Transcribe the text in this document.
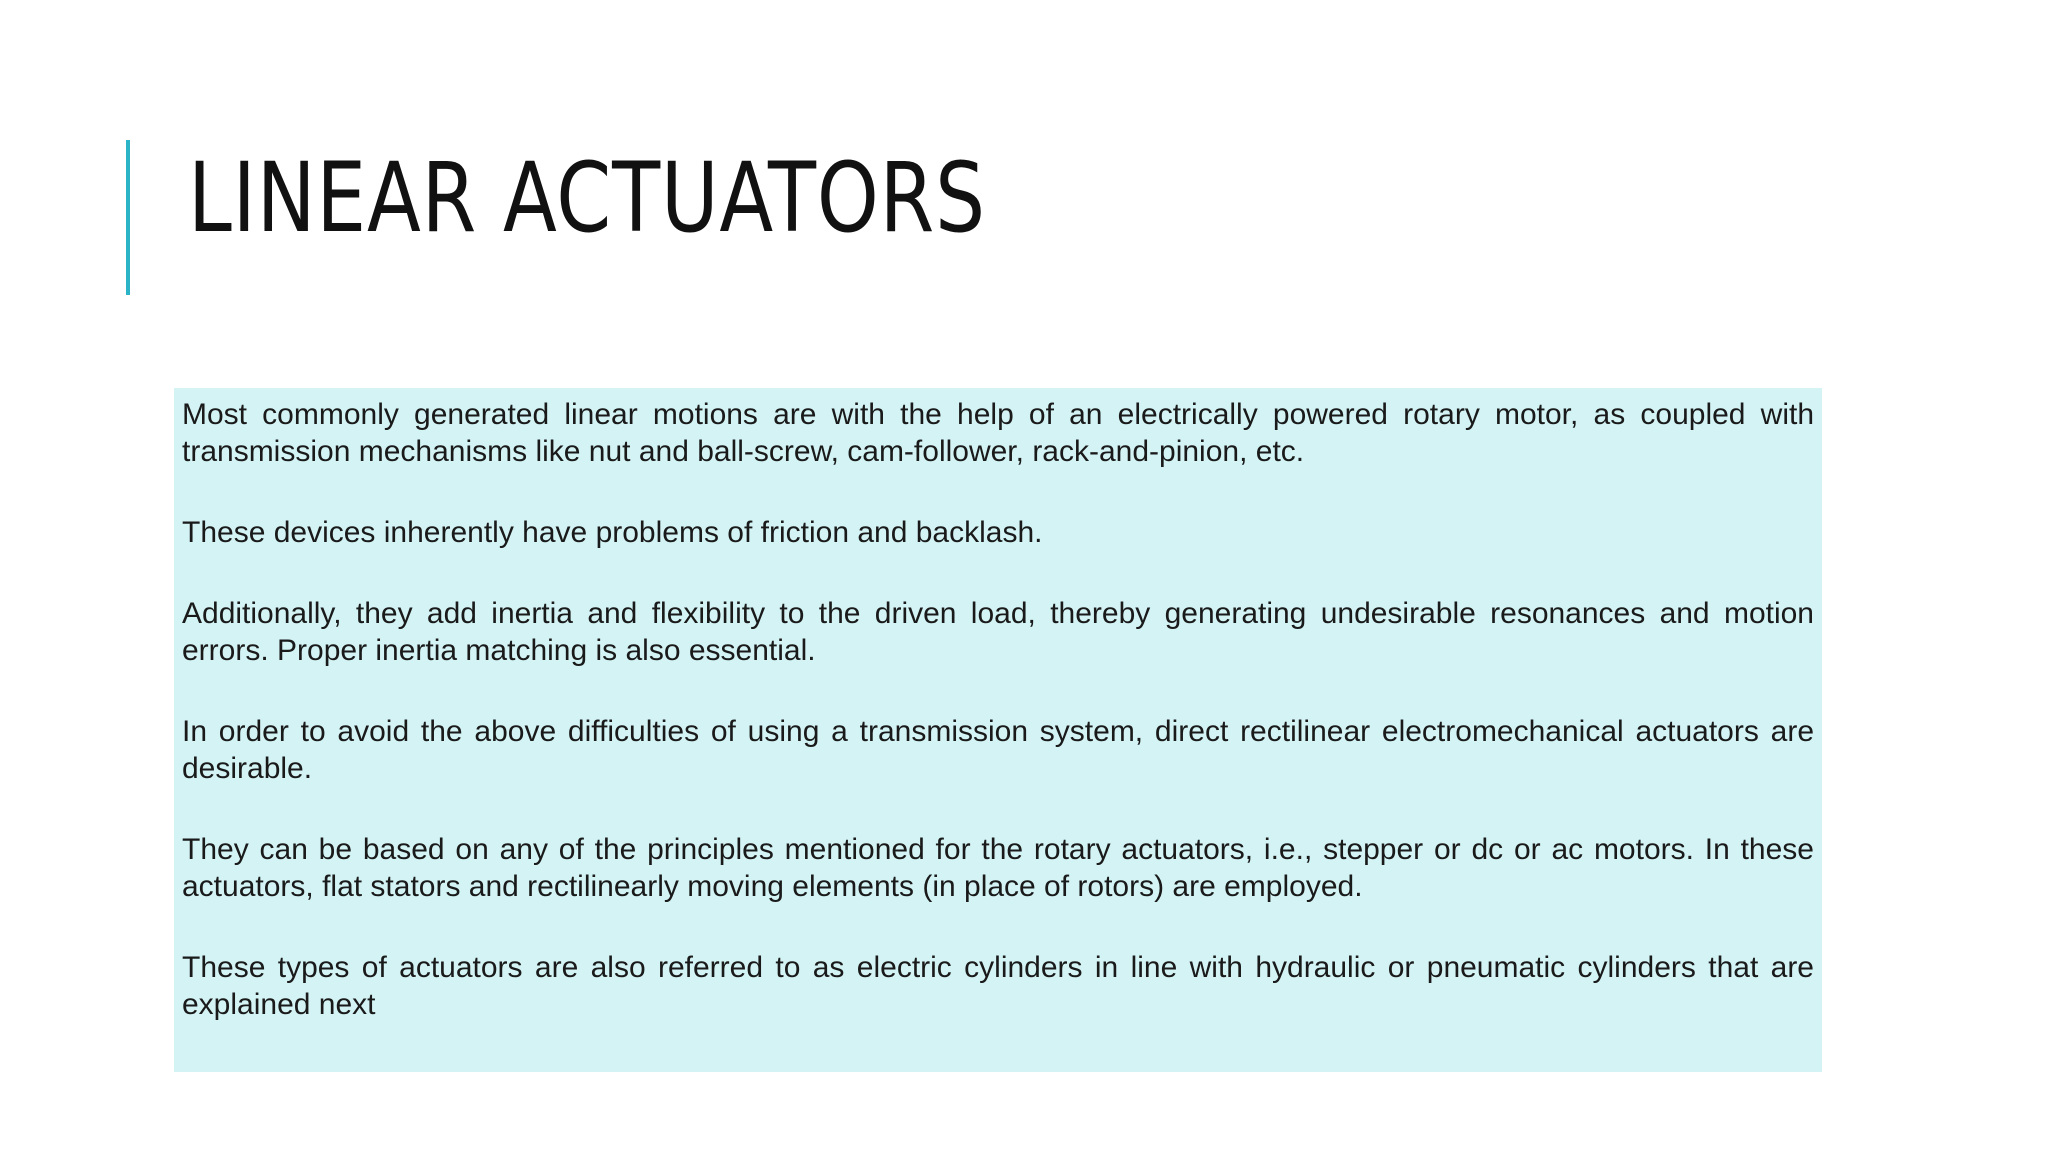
LINEAR ACTUATORS

Most commonly generated linear motions are with the help of an electrically powered rotary motor, as coupled with transmission mechanisms like nut and ball-screw, cam-follower, rack-and-pinion, etc.

These devices inherently have problems of friction and backlash.

Additionally, they add inertia and flexibility to the driven load, thereby generating undesirable resonances and motion errors. Proper inertia matching is also essential.

In order to avoid the above difficulties of using a transmission system, direct rectilinear electromechanical actuators are desirable.

They can be based on any of the principles mentioned for the rotary actuators, i.e., stepper or dc or ac motors. In these actuators, flat stators and rectilinearly moving elements (in place of rotors) are employed.

These types of actuators are also referred to as electric cylinders in line with hydraulic or pneumatic cylinders that are explained next
